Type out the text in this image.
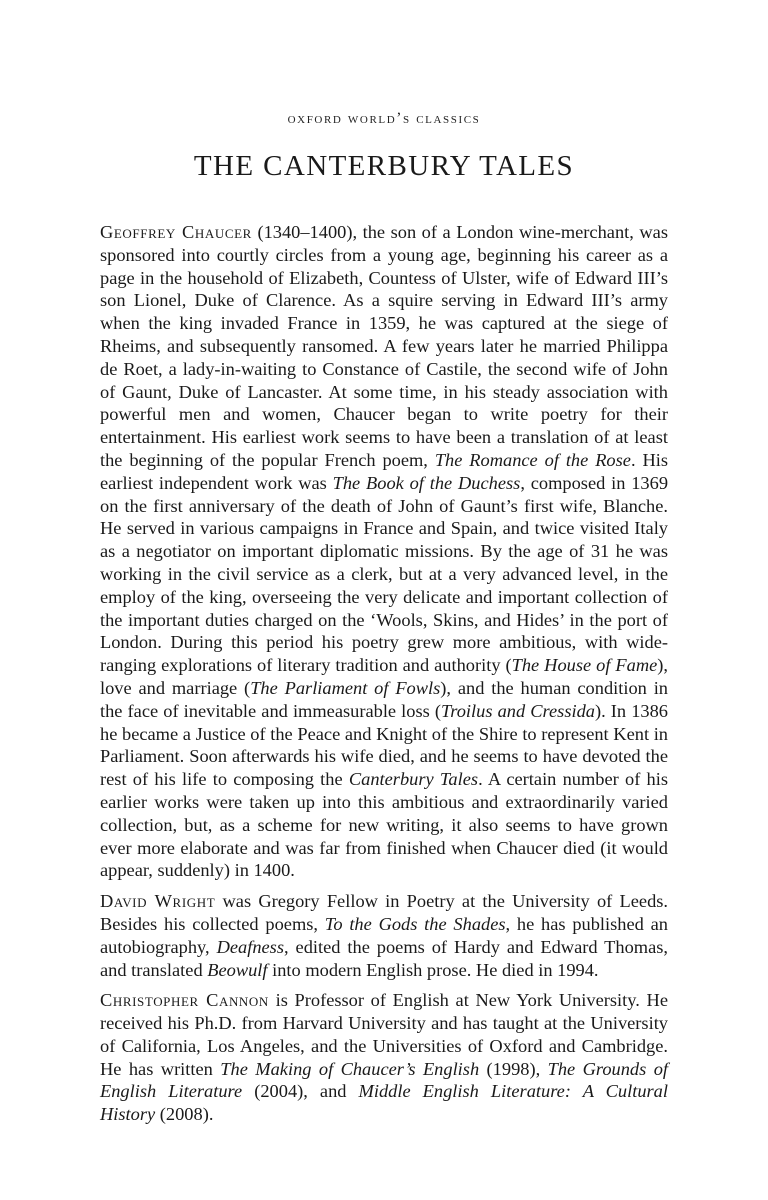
oxford world’s classics
THE CANTERBURY TALES

Geoffrey Chaucer (1340–1400), the son of a London wine-merchant, was sponsored into courtly circles from a young age, beginning his career as a page in the household of Elizabeth, Countess of Ulster, wife of Edward III’s son Lionel, Duke of Clarence. As a squire serving in Edward III’s army when the king invaded France in 1359, he was captured at the siege of Rheims, and subsequently ransomed. A few years later he married Philippa de Roet, a lady-in-waiting to Constance of Castile, the second wife of John of Gaunt, Duke of Lancaster. At some time, in his steady association with powerful men and women, Chaucer began to write poetry for their entertainment. His earliest work seems to have been a translation of at least the beginning of the popular French poem, The Romance of the Rose. His earliest independent work was The Book of the Duchess, composed in 1369 on the first anniversary of the death of John of Gaunt’s first wife, Blanche. He served in various campaigns in France and Spain, and twice visited Italy as a negotiator on important diplomatic missions. By the age of 31 he was working in the civil service as a clerk, but at a very advanced level, in the employ of the king, overseeing the very delicate and important collection of the important duties charged on the ‘Wools, Skins, and Hides’ in the port of London. During this period his poetry grew more ambitious, with wide-ranging explorations of literary tradition and authority (The House of Fame), love and marriage (The Parliament of Fowls), and the human condition in the face of inevitable and immeasurable loss (Troilus and Cressida). In 1386 he became a Justice of the Peace and Knight of the Shire to represent Kent in Parliament. Soon afterwards his wife died, and he seems to have devoted the rest of his life to composing the Canterbury Tales. A certain number of his earlier works were taken up into this ambitious and extraordinarily varied collection, but, as a scheme for new writing, it also seems to have grown ever more elaborate and was far from finished when Chaucer died (it would appear, suddenly) in 1400.

David Wright was Gregory Fellow in Poetry at the University of Leeds. Besides his collected poems, To the Gods the Shades, he has published an autobiography, Deafness, edited the poems of Hardy and Edward Thomas, and translated Beowulf into modern English prose. He died in 1994.

Christopher Cannon is Professor of English at New York University. He received his Ph.D. from Harvard University and has taught at the University of California, Los Angeles, and the Universities of Oxford and Cambridge. He has written The Making of Chaucer’s English (1998), The Grounds of English Literature (2004), and Middle English Literature: A Cultural History (2008).
